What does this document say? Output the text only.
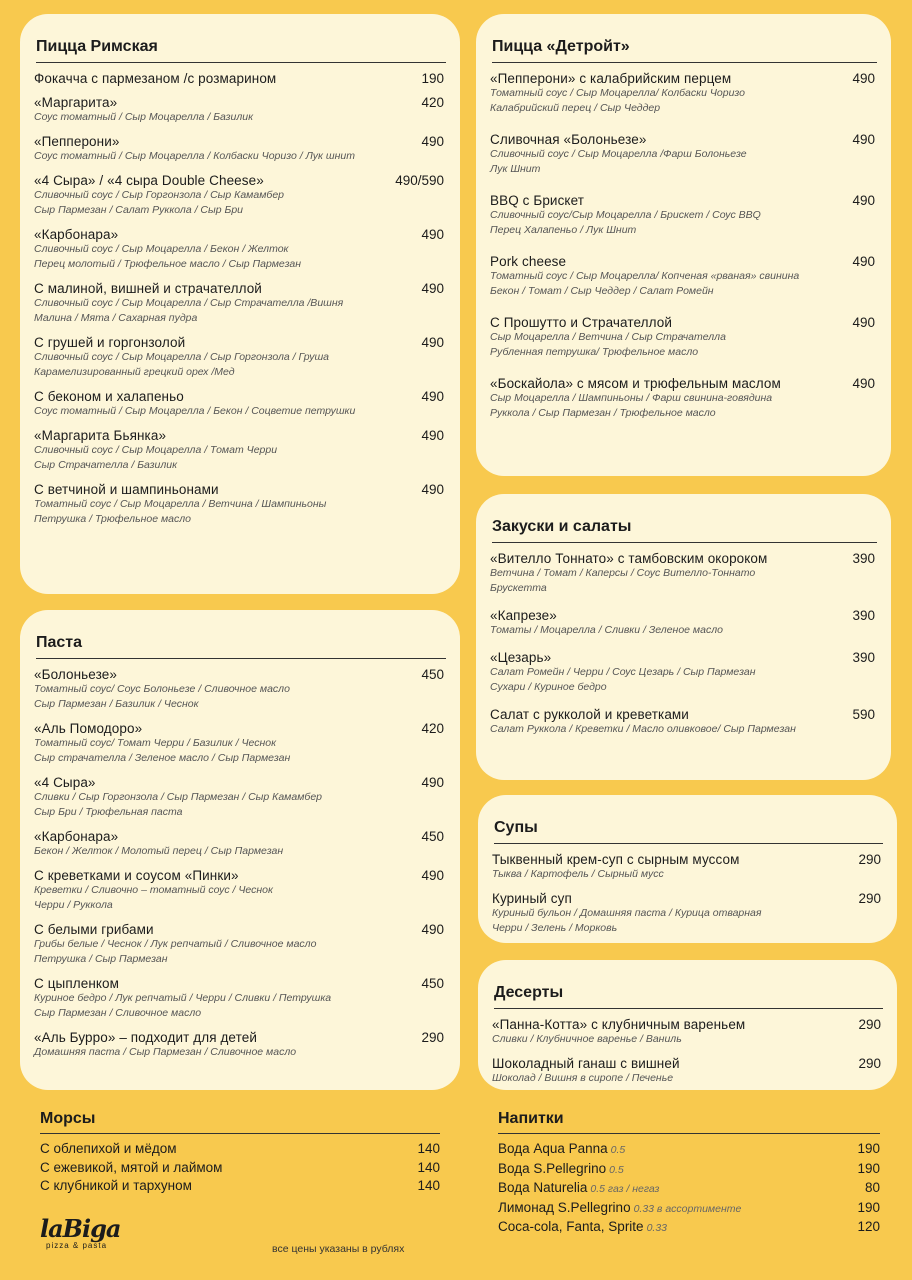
Пицца Римская
Фокачча с пармезаном /с розмарином	190
«Маргарита»	420
Соус томатный / Сыр Моцарелла / Базилик
«Пепперони»	490
Соус томатный / Сыр Моцарелла / Колбаски Чоризо / Лук шнит
«4 Сыра» / «4 сыра Double Cheese»	490/590
Сливочный соус / Сыр Горгонзола / Сыр Камамбер
Сыр Пармезан / Салат Руккола / Сыр Бри
«Карбонара»	490
Сливочный соус / Сыр Моцарелла / Бекон / Желток
Перец молотый / Трюфельное масло / Сыр Пармезан
С малиной, вишней и страчателлой	490
Сливочный соус / Сыр Моцарелла / Сыр Страчателла /Вишня
Малина / Мята / Сахарная пудра
С грушей и горгонзолой	490
Сливочный соус / Сыр Моцарелла / Сыр Горгонзола / Груша
Карамелизированный грецкий орех /Мед
С беконом и халапеньо	490
Соус томатный / Сыр Моцарелла / Бекон / Соцветие петрушки
«Маргарита Бьянка»	490
Сливочный соус / Сыр Моцарелла / Томат Черри
Сыр Страчателла / Базилик
С ветчиной и шампиньонами	490
Томатный соус / Сыр Моцарелла / Ветчина / Шампиньоны
Петрушка / Трюфельное масло
Пицца «Детройт»
«Пепперони» с калабрийским перцем	490
Томатный соус / Сыр Моцарелла/ Колбаски Чоризо
Калабрийский перец / Сыр Чеддер
Сливочная «Болоньезе»	490
Сливочный соус / Сыр Моцарелла /Фарш Болоньезе
Лук Шнит
BBQ с Брискет	490
Сливочный соус/Сыр Моцарелла / Брискет / Соус BBQ
Перец Халапеньо / Лук Шнит
Pork cheese	490
Томатный соус / Сыр Моцарелла/ Копченая «рваная» свинина
Бекон / Томат / Сыр Чеддер / Салат Ромейн
С Прошутто и Страчателлой	490
Сыр Моцарелла / Ветчина / Сыр Страчателла
Рубленная петрушка/ Трюфельное масло
«Боскайола» с мясом и трюфельным маслом	490
Сыр Моцарелла / Шампиньоны / Фарш свинина-говядина
Руккола / Сыр Пармезан / Трюфельное масло
Паста
«Болоньезе»	450
Томатный соус/ Соус Болоньезе / Сливочное масло
Сыр Пармезан / Базилик / Чеснок
«Аль Помодоро»	420
Томатный соус/ Томат Черри / Базилик / Чеснок
Сыр страчателла / Зеленое масло / Сыр Пармезан
«4 Сыра»	490
Сливки / Сыр Горгонзола / Сыр Пармезан / Сыр Камамбер
Сыр Бри / Трюфельная паста
«Карбонара»	450
Бекон / Желток / Молотый перец / Сыр Пармезан
С креветками и соусом «Пинки»	490
Креветки / Сливочно – томатный соус / Чеснок
Черри / Руккола
С белыми грибами	490
Грибы белые / Чеснок / Лук репчатый / Сливочное масло
Петрушка / Сыр Пармезан
С цыпленком	450
Куриное бедро / Лук репчатый / Черри / Сливки / Петрушка
Сыр Пармезан / Сливочное масло
«Аль Бурро» – подходит для детей	290
Домашняя паста / Сыр Пармезан / Сливочное масло
Закуски и салаты
«Вителло Тоннато» с тамбовским окороком	390
Ветчина / Томат / Каперсы / Соус Вителло-Тоннато
Брускетта
«Капрезе»	390
Томаты / Моцарелла / Сливки / Зеленое масло
«Цезарь»	390
Салат Ромейн / Черри / Соус Цезарь / Сыр Пармезан
Сухари / Куриное бедро
Салат с рукколой и креветками	590
Салат Руккола / Креветки / Масло оливковое/ Сыр Пармезан
Супы
Тыквенный крем-суп с сырным муссом	290
Тыква / Картофель / Сырный мусс
Куриный суп	290
Куриный бульон / Домашняя паста / Курица отварная
Черри / Зелень / Морковь
Десерты
«Панна-Котта» с клубничным вареньем	290
Сливки / Клубничное варенье / Ваниль
Шоколадный ганаш с вишней	290
Шоколад / Вишня в сиропе / Печенье
Морсы
С облепихой и мёдом	140
С ежевикой, мятой и лаймом	140
С клубникой и тархуном	140
Напитки
Вода Aqua Panna 0.5	190
Вода S.Pellegrino 0.5	190
Вода Naturelia 0.5 газ / негаз	80
Лимонад S.Pellegrino 0.33 в ассортименте	190
Coca-cola, Fanta, Sprite 0.33	120
laBiga
pizza & pasta	все цены указаны в рублях
